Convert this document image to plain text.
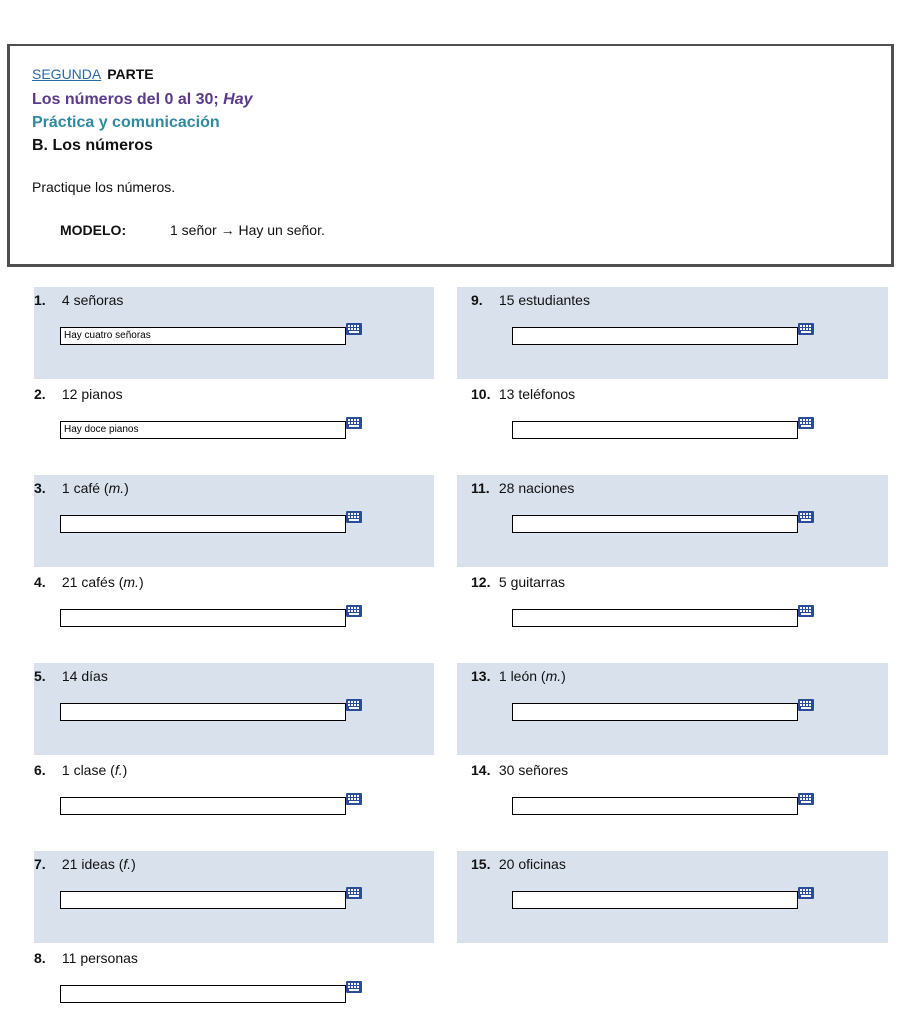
SEGUNDA PARTE
Los números del 0 al 30; Hay
Práctica y comunicación
B. Los números
Practique los números.
MODELO:	1 señor → Hay un señor.
1. 4 señoras
Hay cuatro señoras
2. 12 pianos
Hay doce pianos
3. 1 café (m.)
4. 21 cafés (m.)
5. 14 días
6. 1 clase (f.)
7. 21 ideas (f.)
8. 11 personas
9. 15 estudiantes
10. 13 teléfonos
11. 28 naciones
12. 5 guitarras
13. 1 león (m.)
14. 30 señores
15. 20 oficinas
